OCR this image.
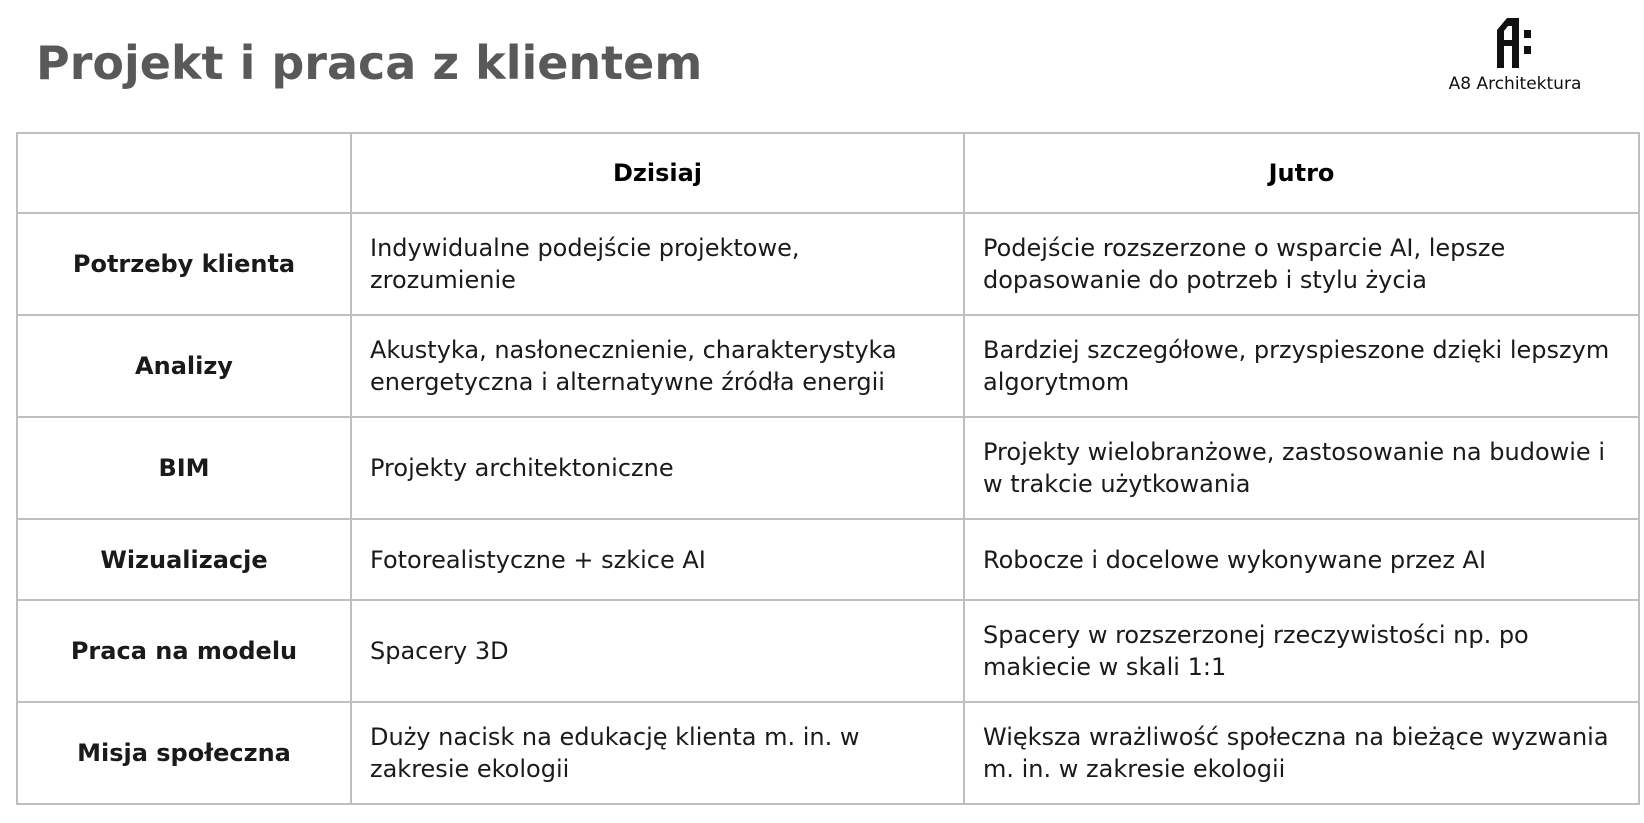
Projekt i praca z klientem	A8 Architektura
	Dzisiaj	Jutro
Potrzeby klienta	Indywidualne podejście projektowe, zrozumienie	Podejście rozszerzone o wsparcie AI, lepsze dopasowanie do potrzeb i stylu życia
Analizy	Akustyka, nasłonecznienie, charakterystyka energetyczna i alternatywne źródła energii	Bardziej szczegółowe, przyspieszone dzięki lepszym algorytmom
BIM	Projekty architektoniczne	Projekty wielobranżowe, zastosowanie na budowie i w trakcie użytkowania
Wizualizacje	Fotorealistyczne + szkice AI	Robocze i docelowe wykonywane przez AI
Praca na modelu	Spacery 3D	Spacery w rozszerzonej rzeczywistości np. po makiecie w skali 1:1
Misja społeczna	Duży nacisk na edukację klienta m. in. w zakresie ekologii	Większa wrażliwość społeczna na bieżące wyzwania m. in. w zakresie ekologii
